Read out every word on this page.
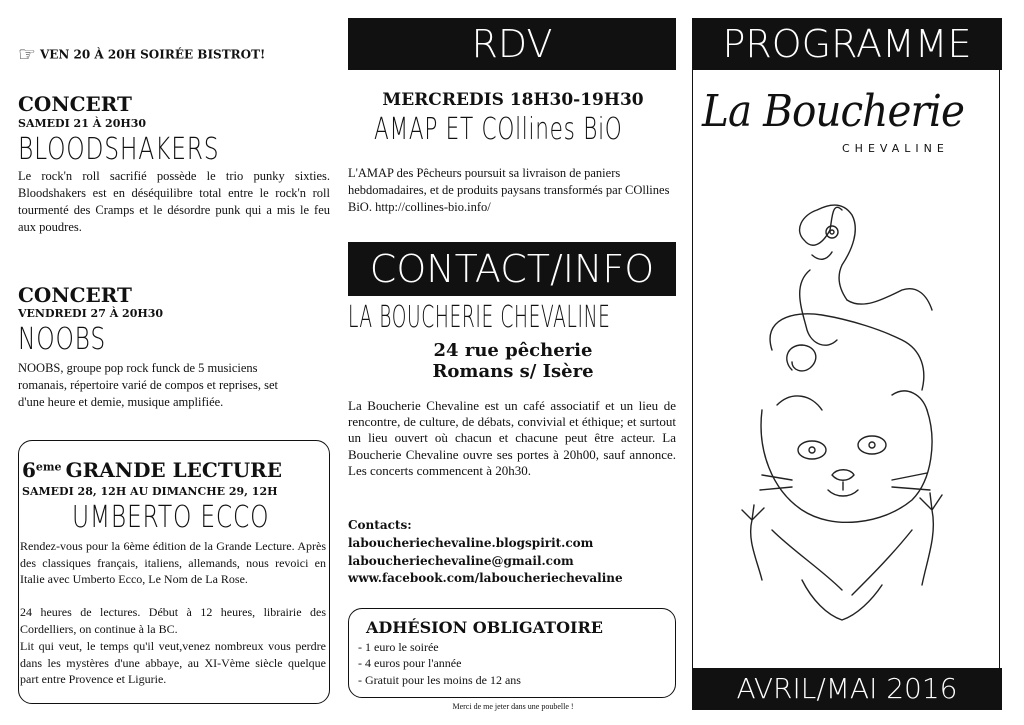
☞ VEN 20 À 20H SOIRÉE BISTROT!
CONCERT
SAMEDI 21 À 20H30
BLOODSHAKERS
Le rock'n roll sacrifié possède le trio punky sixties. Bloodshakers est en déséquilibre total entre le rock'n roll tourmenté des Cramps et le désordre punk qui a mis le feu aux poudres.
CONCERT
VENDREDI 27 À 20H30
NOOBS
NOOBS, groupe pop rock funck de 5 musiciens romanais, répertoire varié de compos et reprises, set d'une heure et demie, musique amplifiée.
6eme GRANDE LECTURE
SAMEDI 28, 12H AU DIMANCHE 29, 12H
UMBERTO ECCO
Rendez-vous pour la 6ème édition de la Grande Lecture. Après des classiques français, italiens, allemands, nous revoici en Italie avec Umberto Ecco, Le Nom de La Rose.
24 heures de lectures. Début à 12 heures, librairie des Cordelliers, on continue à la BC.
Lit qui veut, le temps qu'il veut,venez nombreux vous perdre dans les mystères d'une abbaye, au XI-Vème siècle quelque part entre Provence et Ligurie.
RDV
MERCREDIS 18H30-19H30
AMAP ET COllines BiO
L'AMAP des Pêcheurs poursuit sa livraison de paniers hebdomadaires, et de produits paysans transformés par COllines BiO. http://collines-bio.info/
CONTACT/INFO
LA BOUCHERIE CHEVALINE
24 rue pêcherie
Romans s/ Isère
La Boucherie Chevaline est un café associatif et un lieu de rencontre, de culture, de débats, convivial et éthique; et surtout un lieu ouvert où chacun et chacune peut être acteur. La Boucherie Chevaline ouvre ses portes à 20h00, sauf annonce. Les concerts commencent à 20h30.
Contacts:
laboucheriechevaline.blogspirit.com
laboucheriechevaline@gmail.com
www.facebook.com/laboucheriechevaline
ADHÉSION OBLIGATOIRE
- 1 euro le soirée
- 4 euros pour l'année
- Gratuit pour les moins de 12 ans
Merci de me jeter dans une poubelle !
PROGRAMME
La Boucherie
CHEVALINE
AVRIL/MAI 2016
